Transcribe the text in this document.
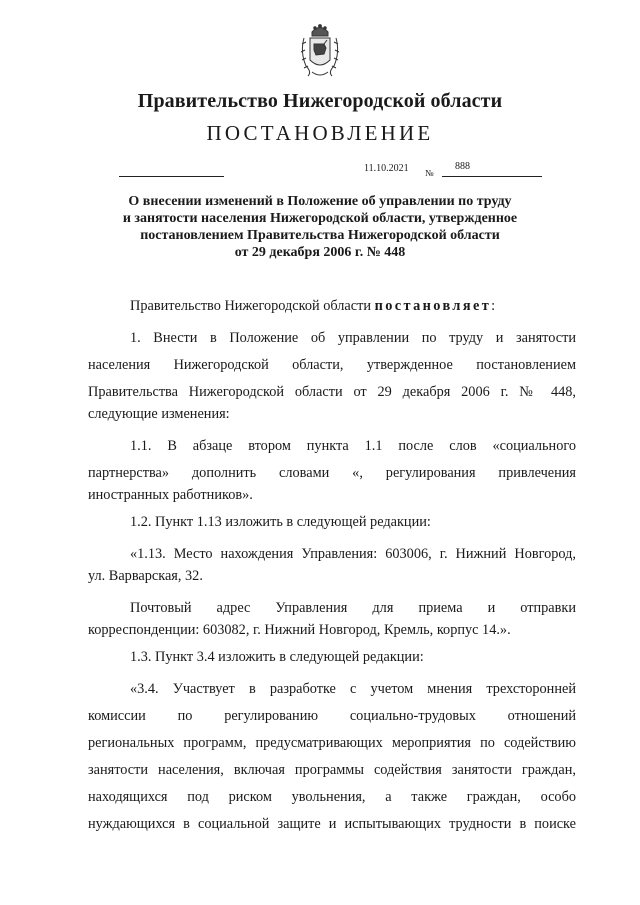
Правительство Нижегородской области
ПОСТАНОВЛЕНИЕ
11.10.2021 №
888
О внесении изменений в Положение об управлении по труду
и занятости населения Нижегородской области, утвержденное
постановлением Правительства Нижегородской области
от 29 декабря 2006 г. № 448
Правительство Нижегородской области постановляет:
1. Внести в Положение об управлении по труду и занятости
населения Нижегородской области, утвержденное постановлением
Правительства Нижегородской области от 29 декабря 2006 г. № 448,
следующие изменения:
1.1. В абзаце втором пункта 1.1 после слов «социального
партнерства» дополнить словами «, регулирования привлечения
иностранных работников».
1.2. Пункт 1.13 изложить в следующей редакции:
«1.13. Место нахождения Управления: 603006, г. Нижний Новгород,
ул. Варварская, 32.
Почтовый адрес Управления для приема и отправки
корреспонденции: 603082, г. Нижний Новгород, Кремль, корпус 14.».
1.3. Пункт 3.4 изложить в следующей редакции:
«3.4. Участвует в разработке с учетом мнения трехсторонней
комиссии по регулированию социально-трудовых отношений
региональных программ, предусматривающих мероприятия по содействию
занятости населения, включая программы содействия занятости граждан,
находящихся под риском увольнения, а также граждан, особо
нуждающихся в социальной защите и испытывающих трудности в поиске
